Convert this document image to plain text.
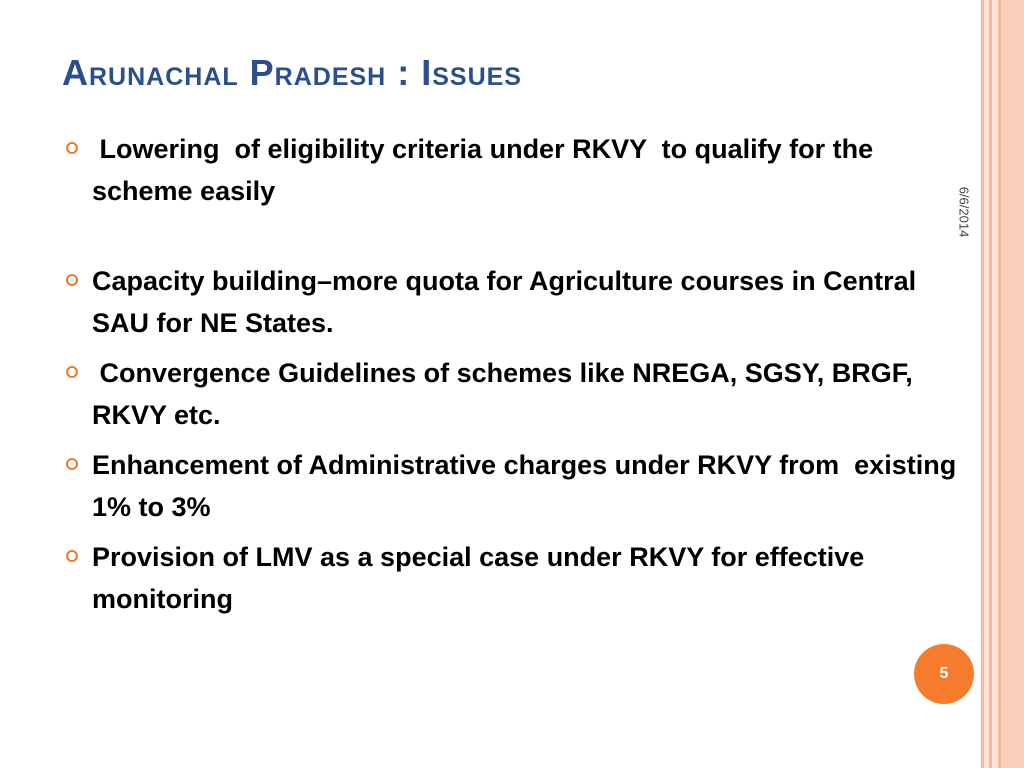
Arunachal Pradesh : Issues
6/6/2014
Lowering  of eligibility criteria under RKVY  to qualify for the scheme easily
Capacity building–more quota for Agriculture courses in Central SAU for NE States.
Convergence Guidelines of schemes like NREGA, SGSY, BRGF, RKVY etc.
Enhancement of Administrative charges under RKVY from  existing 1% to 3%
Provision of LMV as a special case under RKVY for effective monitoring
5
